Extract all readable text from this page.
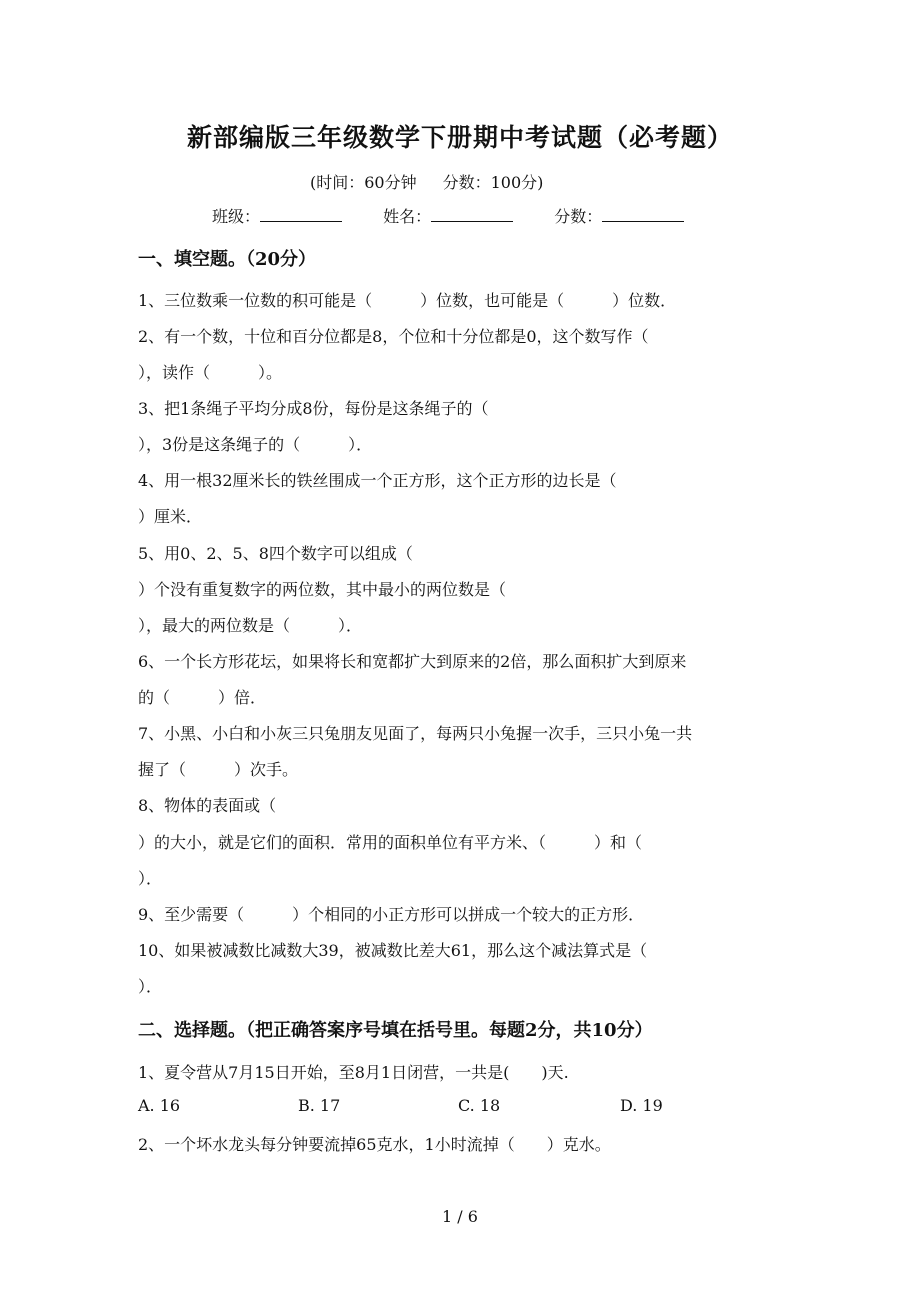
新部编版三年级数学下册期中考试题（必考题）
(时间：60分钟 分数：100分)
班级：	姓名：	分数：
一、填空题。（20分）
1、三位数乘一位数的积可能是（　　　）位数，也可能是（　　　）位数．
2、有一个数，十位和百分位都是8，个位和十分位都是0，这个数写作（
），读作（　　　）。
3、把1条绳子平均分成8份，每份是这条绳子的（
），3份是这条绳子的（　　　）．
4、用一根32厘米长的铁丝围成一个正方形，这个正方形的边长是（
）厘米．
5、用0、2、5、8四个数字可以组成（
）个没有重复数字的两位数，其中最小的两位数是（
），最大的两位数是（　　　）．
6、一个长方形花坛，如果将长和宽都扩大到原来的2倍，那么面积扩大到原来
的（　　　）倍．
7、小黑、小白和小灰三只兔朋友见面了，每两只小兔握一次手，三只小兔一共
握了（　　　）次手。
8、物体的表面或（
）的大小，就是它们的面积．常用的面积单位有平方米、（　　　）和（
）．
9、至少需要（　　　）个相同的小正方形可以拼成一个较大的正方形．
10、如果被减数比减数大39，被减数比差大61，那么这个减法算式是（
）．
二、选择题。（把正确答案序号填在括号里。每题2分，共10分）
1、夏令营从7月15日开始，至8月1日闭营，一共是(　　)天.
A. 16	B. 17	C. 18	D. 19
2、一个坏水龙头每分钟要流掉65克水，1小时流掉（　　）克水。
1 / 6
